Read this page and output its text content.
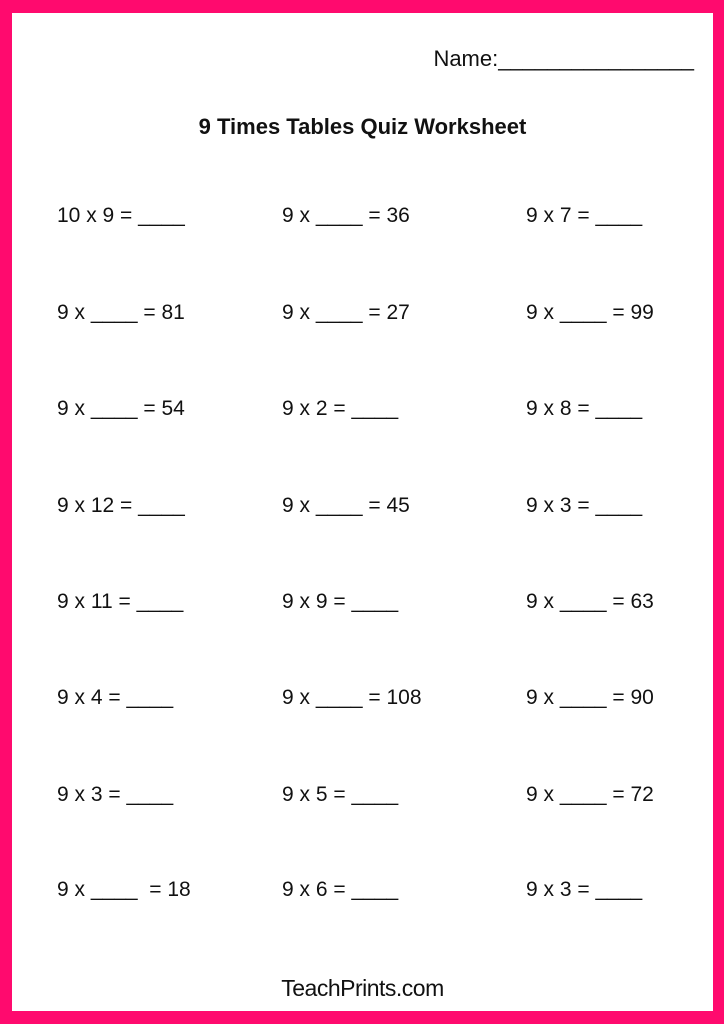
Name:________________
9 Times Tables Quiz Worksheet
10 x 9 = ____	9 x ____ = 36	9 x 7 = ____
9 x ____ = 81	9 x ____ = 27	9 x ____ = 99
9 x ____ = 54	9 x 2 = ____	9 x 8 = ____
9 x 12 = ____	9 x ____ = 45	9 x 3 = ____
9 x 11 = ____	9 x 9 = ____	9 x ____ = 63
9 x 4 = ____	9 x ____ = 108	9 x ____ = 90
9 x 3 = ____	9 x 5 = ____	9 x ____ = 72
9 x ____  = 18	9 x 6 = ____	9 x 3 = ____
TeachPrints.com
